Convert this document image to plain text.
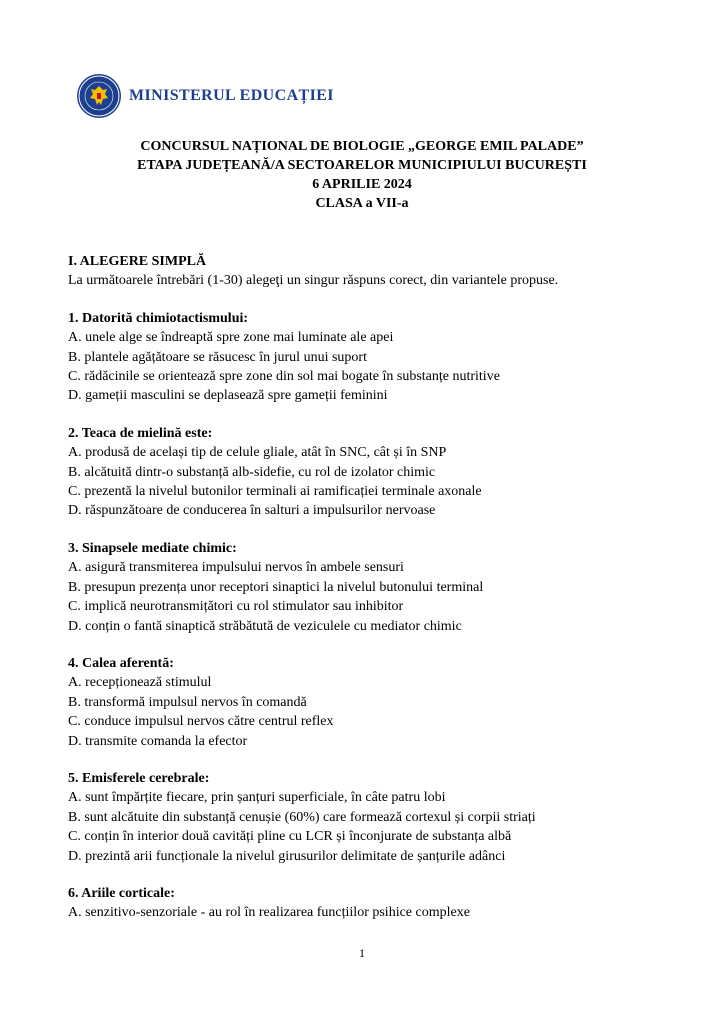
MINISTERUL EDUCAȚIEI
CONCURSUL NAȚIONAL DE BIOLOGIE „GEORGE EMIL PALADE”
ETAPA JUDEȚEANĂ/A SECTOARELOR MUNICIPIULUI BUCUREȘTI
6 APRILIE 2024
CLASA a VII-a
I. ALEGERE SIMPLĂ
La următoarele întrebări (1-30) alegeţi un singur răspuns corect, din variantele propuse.
1. Datorită chimiotactismului:
A. unele alge se îndreaptă spre zone mai luminate ale apei
B. plantele agățătoare se răsucesc în jurul unui suport
C. rădăcinile se orientează spre zone din sol mai bogate în substanțe nutritive
D. gameții masculini se deplasează spre gameții feminini
2. Teaca de mielină este:
A. produsă de același tip de celule gliale, atât în SNC, cât și în SNP
B. alcătuită dintr-o substanță alb-sidefie, cu rol de izolator chimic
C. prezentă la nivelul butonilor terminali ai ramificației terminale axonale
D. răspunzătoare de conducerea în salturi a impulsurilor nervoase
3. Sinapsele mediate chimic:
A. asigură transmiterea impulsului nervos în ambele sensuri
B. presupun prezența unor receptori sinaptici la nivelul butonului terminal
C. implică neurotransmițători cu rol stimulator sau inhibitor
D. conțin o fantă sinaptică străbătută de veziculele cu mediator chimic
4. Calea aferentă:
A. recepționează stimulul
B. transformă impulsul nervos în comandă
C. conduce impulsul nervos către centrul reflex
D. transmite comanda la efector
5. Emisferele cerebrale:
A. sunt împărțite fiecare, prin șanțuri superficiale, în câte patru lobi
B. sunt alcătuite din substanță cenușie (60%) care formează cortexul și corpii striați
C. conțin în interior două cavități pline cu LCR și înconjurate de substanța albă
D. prezintă arii funcționale la nivelul girusurilor delimitate de șanțurile adânci
6. Ariile corticale:
A. senzitivo-senzoriale - au rol în realizarea funcțiilor psihice complexe
1
